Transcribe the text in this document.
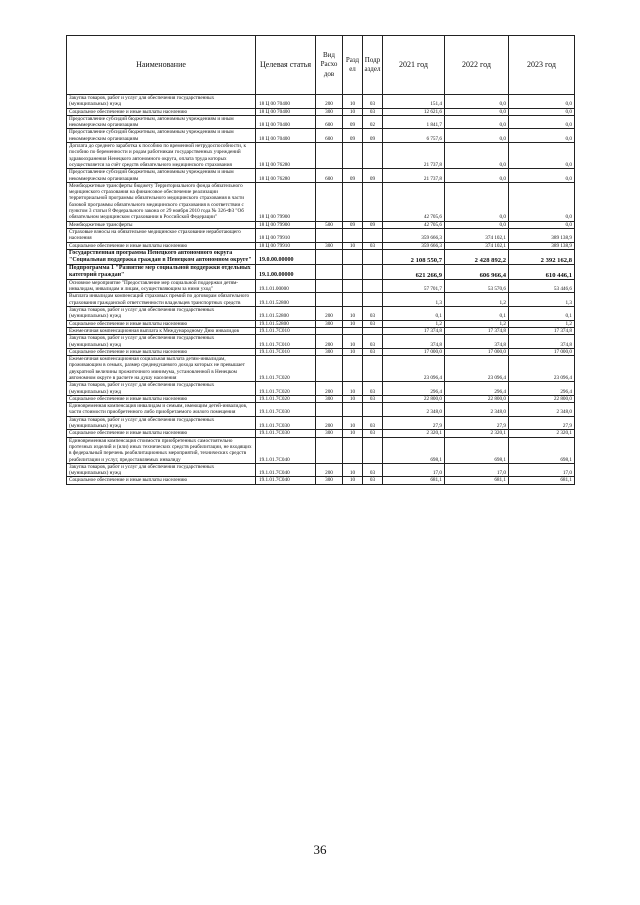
Наименование	Целевая статья	Вид Расхо дов	Разд ел	Подр аздел	2021 год	2022 год	2023 год
Закупка товаров, работ и услуг для обеспечения государственных (муниципальных) нужд	18 Ц 00 70400	200	10	03	151,4	0,0	0,0
Социальное обеспечение и иные выплаты населению	18 Ц 00 70400	300	10	03	12 621,6	0,0	0,0
Предоставление субсидий бюджетным, автономным учреждениям и иным некоммерческим организациям	18 Ц 00 70400	600	09	02	1 841,7	0,0	0,0
Предоставление субсидий бюджетным, автономным учреждениям и иным некоммерческим организациям	18 Ц 00 70400	600	09	09	6 757,6	0,0	0,0
Доплата до среднего заработка к пособию по временной нетрудоспособности, к пособию по беременности и родам работникам государственных учреждений здравоохранения Ненецкого автономного округа, оплата труда которых осуществляется за счёт средств обязательного медицинского страхования	18 Ц 00 76280				21 737,8	0,0	0,0
Предоставление субсидий бюджетным, автономным учреждениям и иным некоммерческим организациям	18 Ц 00 76280	600	09	09	21 737,8	0,0	0,0
Межбюджетные трансферты бюджету Территориального фонда обязательного медицинского страхования на финансовое обеспечение реализации территориальной программы обязательного медицинского страхования в части базовой программы обязательного медицинского страхования в соответствии с пунктом 3 статьи 8 Федерального закона от 29 ноября 2010 года № 326-ФЗ "Об обязательном медицинском страховании в Российской Федерации"	18 Ц 00 79900				42 705,6	0,0	0,0
Межбюджетные трансферты	18 Ц 00 79900	500	09	09	42 705,6	0,0	0,0
Страховые взносы на обязательное медицинское страхование неработающего населения	18 Ц 00 79910				359 666,3	374 102,1	389 138,9
Социальное обеспечение и иные выплаты населению	18 Ц 00 79910	300	10	03	359 666,3	374 102,1	389 138,9
Государственная программа Ненецкого автономного округа "Социальная поддержка граждан в Ненецком автономном округе"	19.0.00.00000				2 108 550,7	2 428 892,2	2 392 162,8
Подпрограмма 1 "Развитие мер социальной поддержки отдельных категорий граждан"	19.1.00.00000				621 266,9	606 966,4	610 446,1
Основное мероприятие "Предоставление мер социальной поддержки детям-инвалидам, инвалидам и лицам, осуществляющим за ними уход"	19.1.01.00000				57 701,7	53 570,6	53 446,6
Выплата инвалидам компенсаций страховых премий по договорам обязательного страхования гражданской ответственности владельцев транспортных средств	19.1.01.52800				1,3	1,2	1,3
Закупка товаров, работ и услуг для обеспечения государственных (муниципальных) нужд	19.1.01.52800	200	10	03	0,1	0,1	0,1
Социальное обеспечение и иные выплаты населению	19.1.01.52800	300	10	03	1,2	1,2	1,2
Ежемесячная компенсационная выплата к Международному Дню инвалидов	19.1.01.7С010				17 374,8	17 374,8	17 374,8
Закупка товаров, работ и услуг для обеспечения государственных (муниципальных) нужд	19.1.01.7С010	200	10	03	374,8	374,8	374,8
Социальное обеспечение и иные выплаты населению	19.1.01.7С010	300	10	03	17 000,0	17 000,0	17 000,0
Ежемесячная компенсационная социальная выплата детям-инвалидам, проживающим в семьях, размер среднедушевого дохода которых не превышает двукратной величины прожиточного минимума, установленной в Ненецком автономном округе в расчете на душу населения	19.1.01.7С020				23 096,4	23 096,4	23 096,4
Закупка товаров, работ и услуг для обеспечения государственных (муниципальных) нужд	19.1.01.7С020	200	10	03	296,4	296,4	296,4
Социальное обеспечение и иные выплаты населению	19.1.01.7С020	300	10	03	22 800,0	22 800,0	22 800,0
Единовременная компенсация инвалидам и семьям, имеющим детей-инвалидов, части стоимости приобретенного либо приобретаемого жилого помещения	19.1.01.7С030				2 348,0	2 348,0	2 348,0
Закупка товаров, работ и услуг для обеспечения государственных (муниципальных) нужд	19.1.01.7С030	200	10	03	27,9	27,9	27,9
Социальное обеспечение и иные выплаты населению	19.1.01.7С030	300	10	03	2 320,1	2 320,1	2 320,1
Единовременная компенсация стоимости приобретенных самостоятельно протезных изделий и (или) иных технических средств реабилитации, не входящих в федеральный перечень реабилитационных мероприятий, технических средств реабилитации и услуг, предоставляемых инвалиду	19.1.01.7С040				698,1	698,1	698,1
Закупка товаров, работ и услуг для обеспечения государственных (муниципальных) нужд	19.1.01.7С040	200	10	03	17,0	17,0	17,0
Социальное обеспечение и иные выплаты населению	19.1.01.7С040	300	10	03	681,1	681,1	681,1
36
